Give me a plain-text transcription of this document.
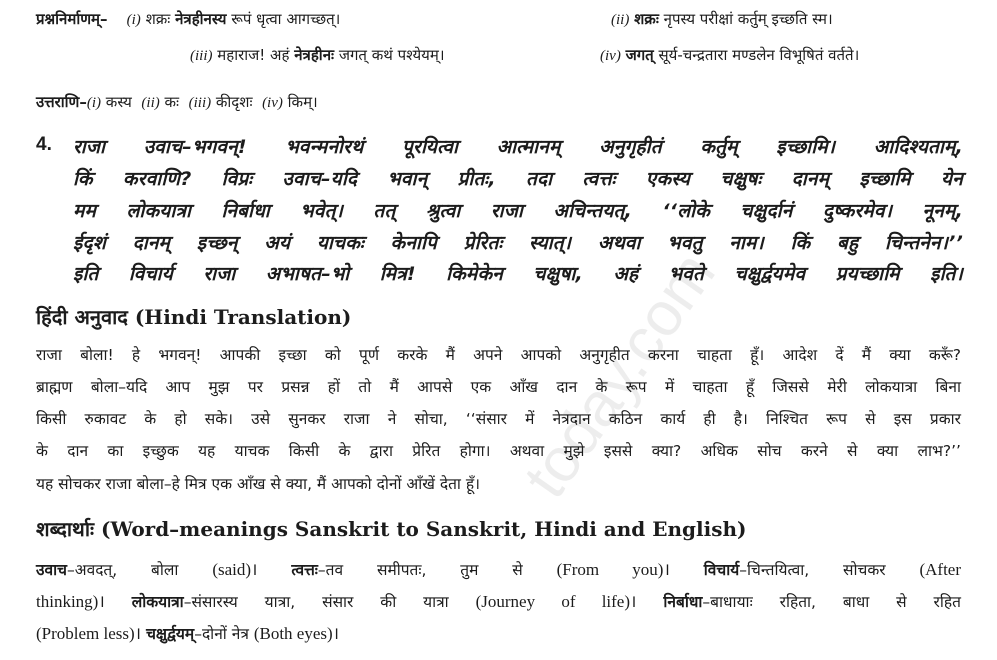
प्रश्ननिर्माणम्– (i) शक्रः नेत्रहीनस्य रूपं धृत्वा आगच्छत्।	(ii) शक्रः नृपस्य परीक्षां कर्तुम् इच्छति स्म।
(iii) महाराज! अहं नेत्रहीनः जगत् कथं पश्येयम्।	(iv) जगत् सूर्य-चन्द्रतारा मण्डलेन विभूषितं वर्तते।
उत्तराणि–(i) कस्य (ii) कः (iii) कीदृशः (iv) किम्।
4. राजा उवाच–भगवन्! भवन्मनोरथं पूरयित्वा आत्मानम् अनुगृहीतं कर्तुम् इच्छामि। आदिश्यताम्,
किं करवाणि? विप्रः उवाच–यदि भवान् प्रीतः, तदा त्वत्तः एकस्य चक्षुषः दानम् इच्छामि येन
मम लोकयात्रा निर्बाधा भवेत्। तत् श्रुत्वा राजा अचिन्तयत्, ‘‘लोके चक्षुर्दानं दुष्करमेव। नूनम्,
ईदृशं दानम् इच्छन् अयं याचकः केनापि प्रेरितः स्यात्। अथवा भवतु नाम। किं बहु चिन्तनेन।’’
इति विचार्य राजा अभाषत–भो मित्र! किमेकेन चक्षुषा, अहं भवते चक्षुर्द्वयमेव प्रयच्छामि इति।
हिंदी अनुवाद (Hindi Translation)
राजा बोला! हे भगवन्! आपकी इच्छा को पूर्ण करके मैं अपने आपको अनुगृहीत करना चाहता हूँ। आदेश दें मैं क्या करूँ?
ब्राह्मण बोला–यदि आप मुझ पर प्रसन्न हों तो मैं आपसे एक आँख दान के रूप में चाहता हूँ जिससे मेरी लोकयात्रा बिना
किसी रुकावट के हो सके। उसे सुनकर राजा ने सोचा, ‘‘संसार में नेत्रदान कठिन कार्य ही है। निश्चित रूप से इस प्रकार
के दान का इच्छुक यह याचक किसी के द्वारा प्रेरित होगा। अथवा मुझे इससे क्या? अधिक सोच करने से क्या लाभ?’’
यह सोचकर राजा बोला–हे मित्र एक आँख से क्या, मैं आपको दोनों आँखें देता हूँ।
शब्दार्थाः (Word–meanings Sanskrit to Sanskrit, Hindi and English)
उवाच–अवदत्, बोला (said)। त्वत्तः–तव समीपतः, तुम से (From you)। विचार्य–चिन्तयित्वा, सोचकर (After
thinking)। लोकयात्रा–संसारस्य यात्रा, संसार की यात्रा (Journey of life)। निर्बाधा–बाधायाः रहिता, बाधा से रहित
(Problem less)। चक्षुर्द्वयम्–दोनों नेत्र (Both eyes)।
today.com
